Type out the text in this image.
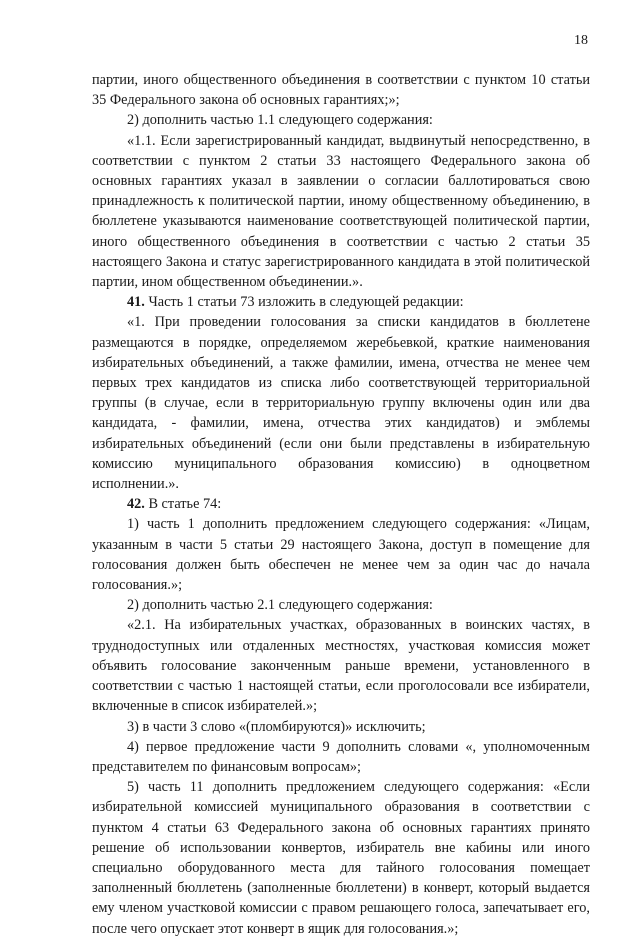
18

партии, иного общественного объединения в соответствии с пунктом 10 статьи 35 Федерального закона об основных гарантиях;»;

2) дополнить частью 1.1 следующего содержания:

«1.1. Если зарегистрированный кандидат, выдвинутый непосредственно, в соответствии с пунктом 2 статьи 33 настоящего Федерального закона об основных гарантиях указал в заявлении о согласии баллотироваться свою принадлежность к политической партии, иному общественному объединению, в бюллетене указываются наименование соответствующей политической партии, иного общественного объединения в соответствии с частью 2 статьи 35 настоящего Закона и статус зарегистрированного кандидата в этой политической партии, ином общественном объединении.».

41. Часть 1 статьи 73 изложить в следующей редакции:

«1. При проведении голосования за списки кандидатов в бюллетене размещаются в порядке, определяемом жеребьевкой, краткие наименования избирательных объединений, а также фамилии, имена, отчества не менее чем первых трех кандидатов из списка либо соответствующей территориальной группы (в случае, если в территориальную группу включены один или два кандидата, - фамилии, имена, отчества этих кандидатов) и эмблемы избирательных объединений (если они были представлены в избирательную комиссию муниципального образования комиссию) в одноцветном исполнении.».

42. В статье 74:

1) часть 1 дополнить предложением следующего содержания: «Лицам, указанным в части 5 статьи 29 настоящего Закона, доступ в помещение для голосования должен быть обеспечен не менее чем за один час до начала голосования.»;

2) дополнить частью 2.1 следующего содержания:

«2.1. На избирательных участках, образованных в воинских частях, в труднодоступных или отдаленных местностях, участковая комиссия может объявить голосование законченным раньше времени, установленного в соответствии с частью 1 настоящей статьи, если проголосовали все избиратели, включенные в список избирателей.»;

3) в части 3 слово «(пломбируются)» исключить;

4) первое предложение части 9 дополнить словами «, уполномоченным представителем по финансовым вопросам»;

5) часть 11 дополнить предложением следующего содержания: «Если избирательной комиссией муниципального образования в соответствии с пунктом 4 статьи 63 Федерального закона об основных гарантиях принято решение об использовании конвертов, избиратель вне кабины или иного специально оборудованного места для тайного голосования помещает заполненный бюллетень (заполненные бюллетени) в конверт, который выдается ему членом участковой комиссии с правом решающего голоса, запечатывает его, после чего опускает этот конверт в ящик для голосования.»;
